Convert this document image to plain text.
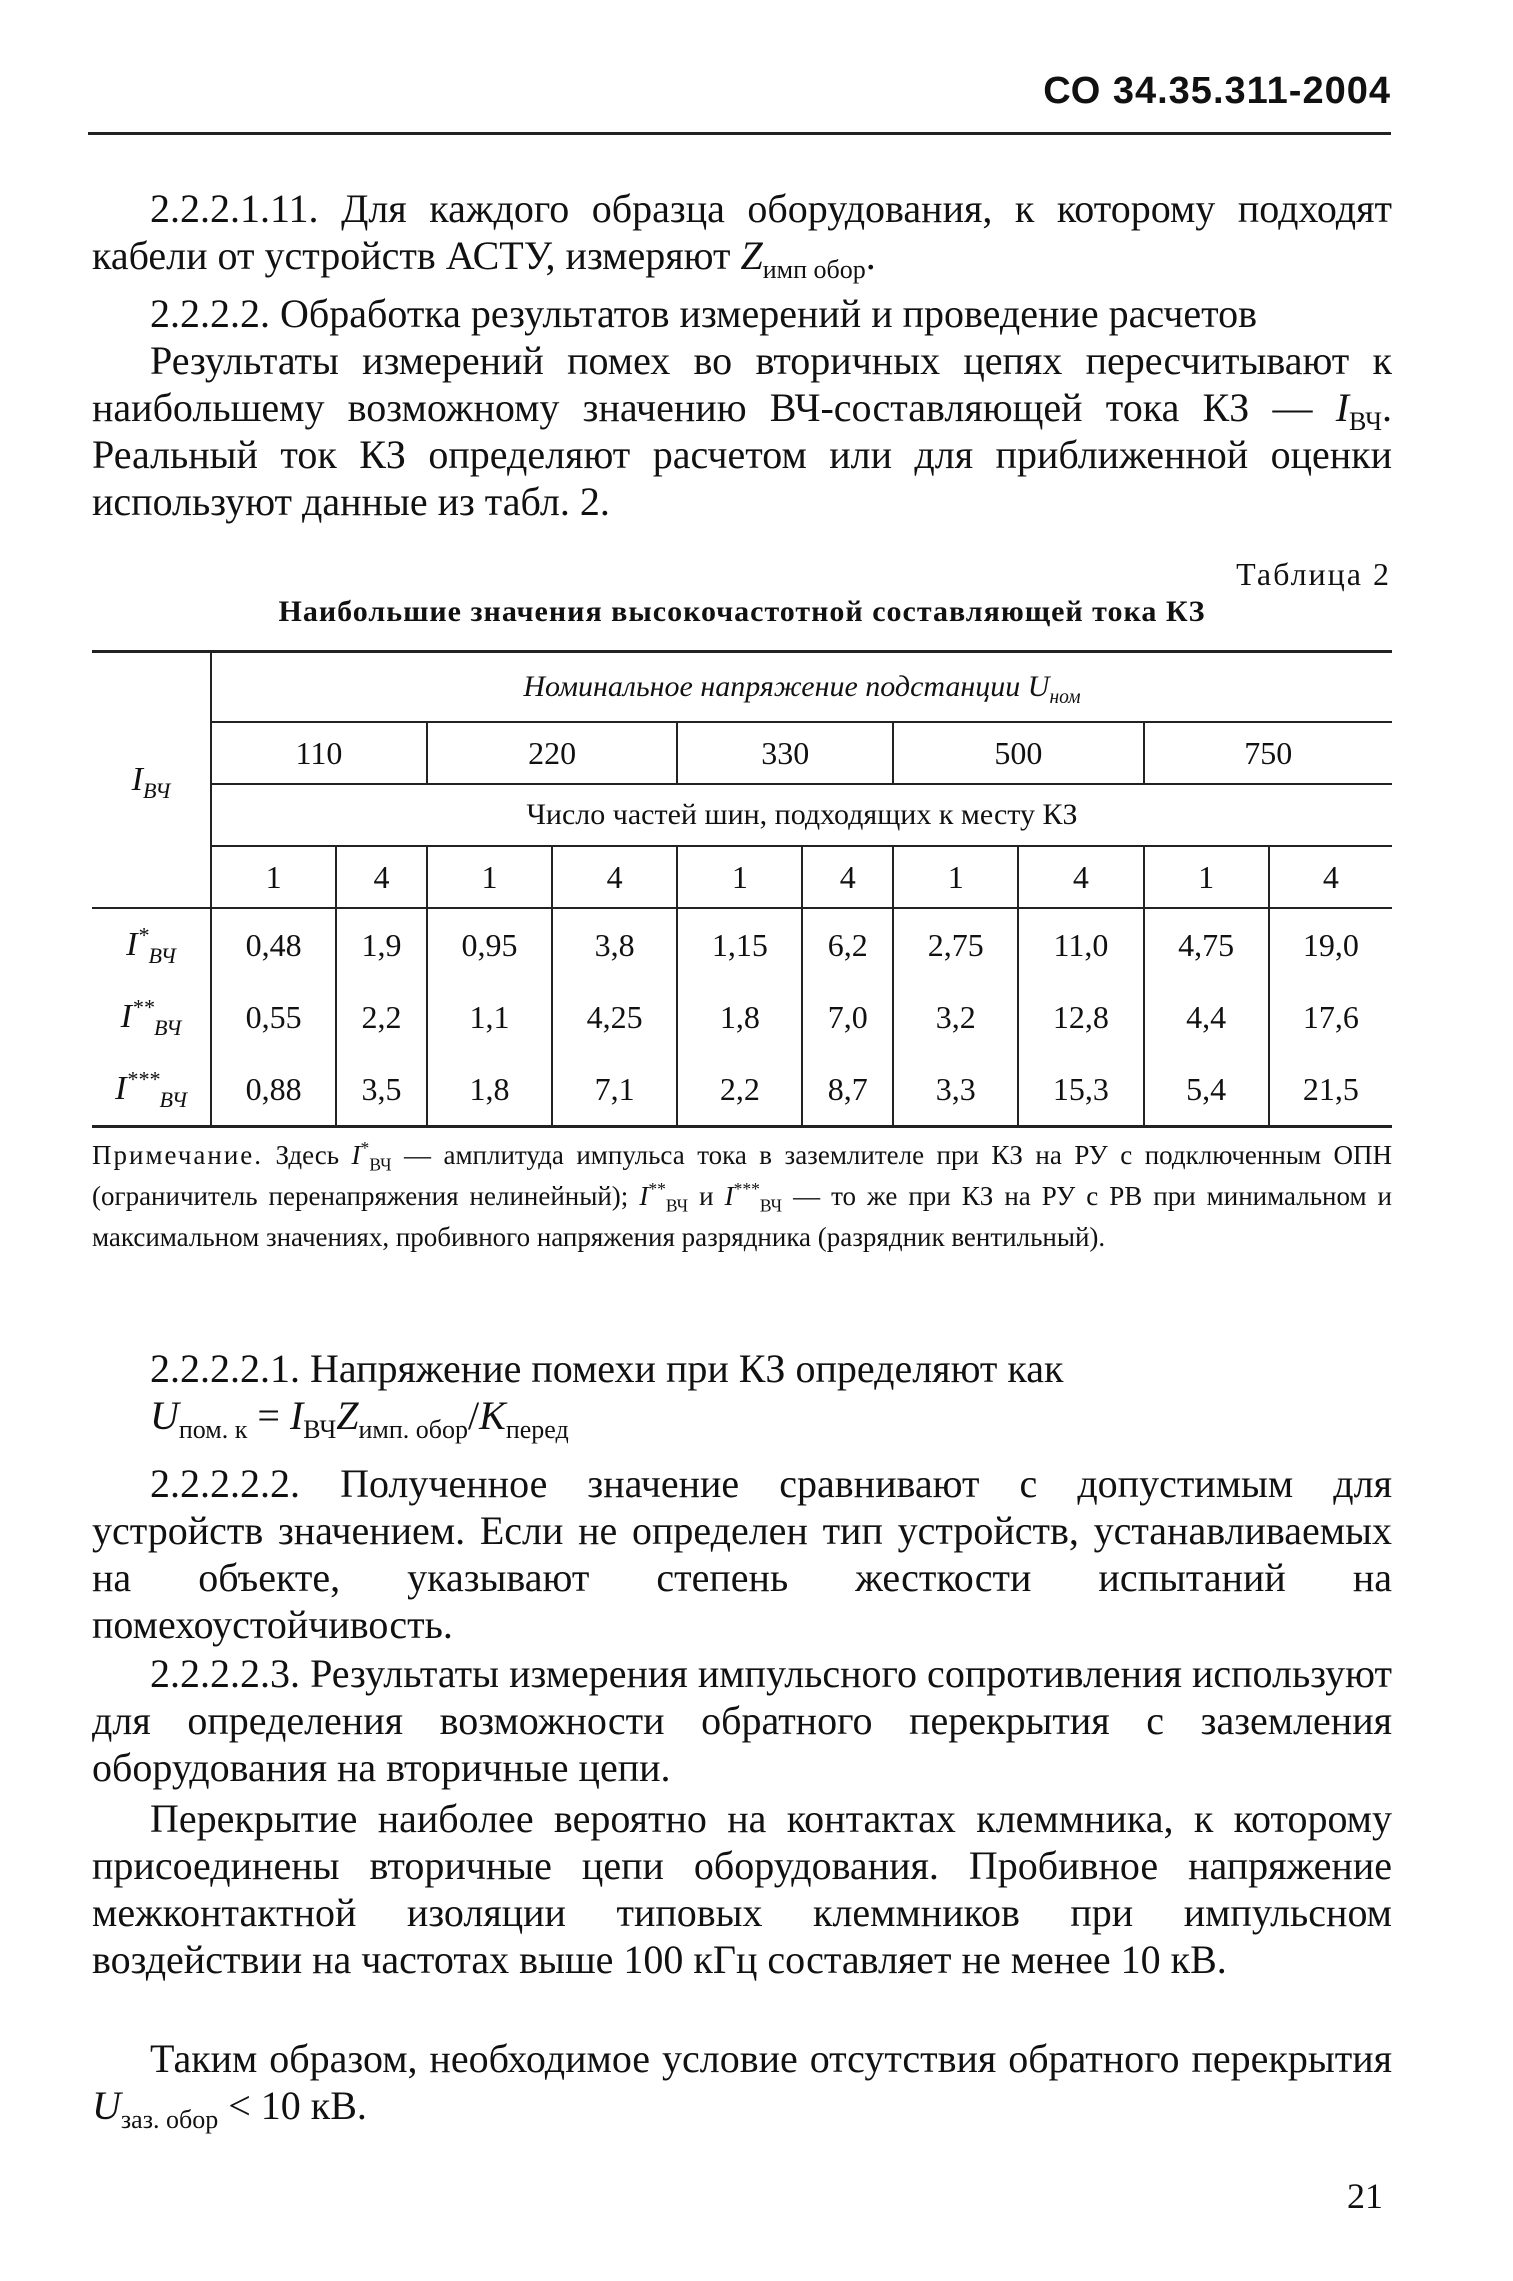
СО 34.35.311-2004

2.2.2.1.11. Для каждого образца оборудования, к которому подходят кабели от устройств АСТУ, измеряют $Z_{имп обор}$.

2.2.2.2. Обработка результатов измерений и проведение расчетов

Результаты измерений помех во вторичных цепях пересчитывают к наибольшему возможному значению ВЧ-составляющей тока КЗ — $I_{ВЧ}$. Реальный ток КЗ определяют расчетом или для приближенной оценки используют данные из табл. 2.

Таблица 2
Наибольшие значения высокочастотной составляющей тока КЗ
$I_{ВЧ}$	Номинальное напряжение подстанции $U_{ном}$
	110		220		330		500		750	
	Число частей шин, подходящих к месту КЗ									
	1	4	1	4	1	4	1	4	1	4
$I^*_{ВЧ}$	0,48	1,9	0,95	3,8	1,15	6,2	2,75	11,0	4,75	19,0
$I^{**}_{ВЧ}$	0,55	2,2	1,1	4,25	1,8	7,0	3,2	12,8	4,4	17,6
$I^{***}_{ВЧ}$	0,88	3,5	1,8	7,1	2,2	8,7	3,3	15,3	5,4	21,5

Примечание. Здесь $I^*_{ВЧ}$ — амплитуда импульса тока в заземлителе при КЗ на РУ с подключенным ОПН (ограничитель перенапряжения нелинейный); $I^{**}_{ВЧ}$ и $I^{***}_{ВЧ}$ — то же при КЗ на РУ с РВ при минимальном и максимальном значениях, пробивного напряжения разрядника (разрядник вентильный).

2.2.2.2.1. Напряжение помехи при КЗ определяют как

$U_{пом. к} = I_{ВЧ}Z_{имп. обор}/K_{перед}$

2.2.2.2.2. Полученное значение сравнивают с допустимым для устройств значением. Если не определен тип устройств, устанавливаемых на объекте, указывают степень жесткости испытаний на помехоустойчивость.

2.2.2.2.3. Результаты измерения импульсного сопротивления используют для определения возможности обратного перекрытия с заземления оборудования на вторичные цепи.

Перекрытие наиболее вероятно на контактах клеммника, к которому присоединены вторичные цепи оборудования. Пробивное напряжение межконтактной изоляции типовых клеммников при импульсном воздействии на частотах выше 100 кГц составляет не менее 10 кВ.

Таким образом, необходимое условие отсутствия обратного перекрытия $U_{заз. обор} < 10$ кВ.

21
